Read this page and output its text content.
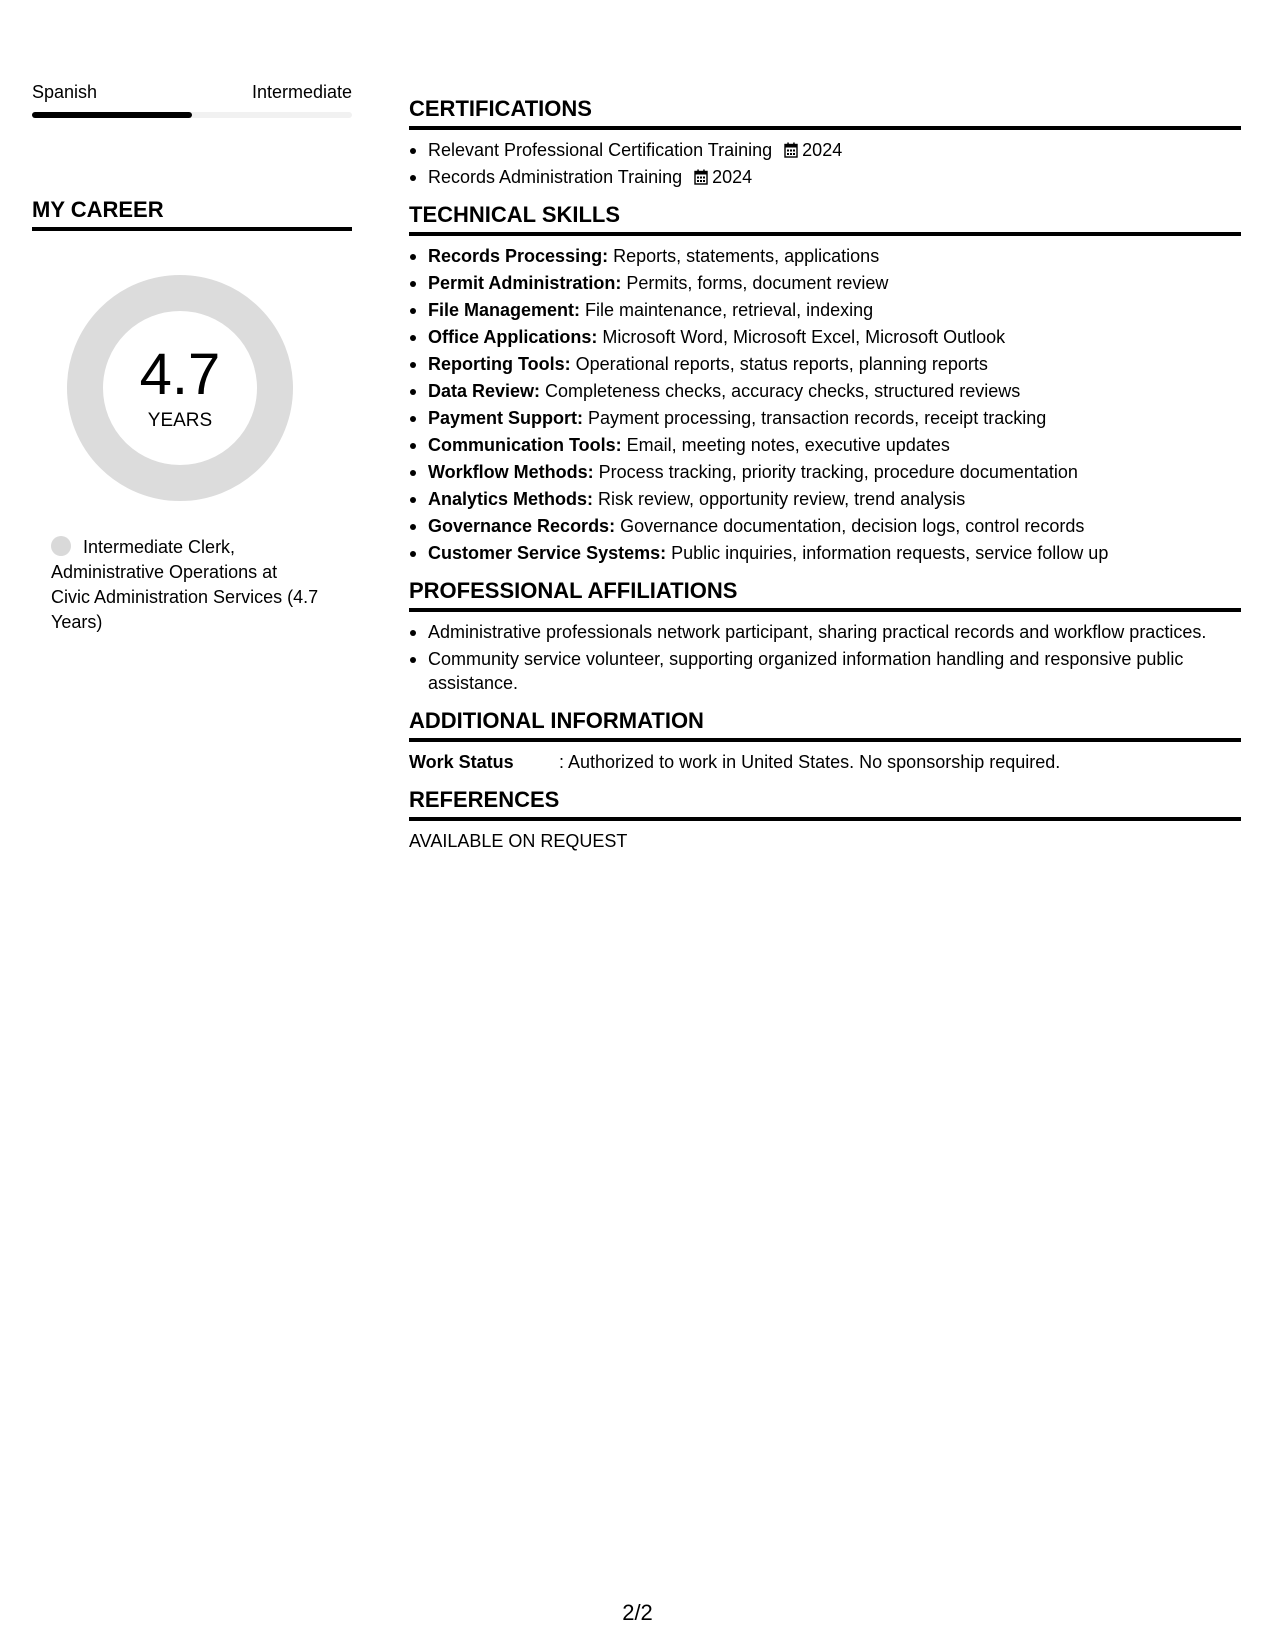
Spanish	Intermediate
MY CAREER
4.7
YEARS
Intermediate Clerk, Administrative Operations at Civic Administration Services (4.7 Years)
CERTIFICATIONS
Relevant Professional Certification Training 2024
Records Administration Training 2024
TECHNICAL SKILLS
Records Processing: Reports, statements, applications
Permit Administration: Permits, forms, document review
File Management: File maintenance, retrieval, indexing
Office Applications: Microsoft Word, Microsoft Excel, Microsoft Outlook
Reporting Tools: Operational reports, status reports, planning reports
Data Review: Completeness checks, accuracy checks, structured reviews
Payment Support: Payment processing, transaction records, receipt tracking
Communication Tools: Email, meeting notes, executive updates
Workflow Methods: Process tracking, priority tracking, procedure documentation
Analytics Methods: Risk review, opportunity review, trend analysis
Governance Records: Governance documentation, decision logs, control records
Customer Service Systems: Public inquiries, information requests, service follow up
PROFESSIONAL AFFILIATIONS
Administrative professionals network participant, sharing practical records and workflow practices.
Community service volunteer, supporting organized information handling and responsive public assistance.
ADDITIONAL INFORMATION
Work Status	: Authorized to work in United States. No sponsorship required.
REFERENCES
AVAILABLE ON REQUEST
2/2
